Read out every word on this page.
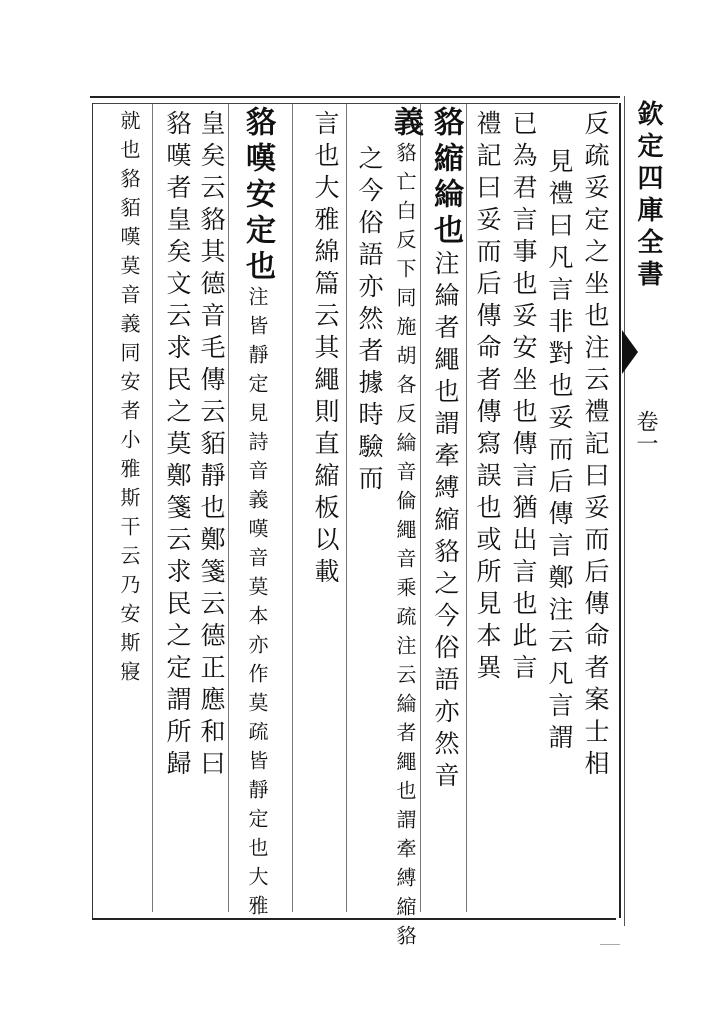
欽定四庫全書
卷一
反疏妥定之坐也注云禮記曰妥而后傳命者案士相
見禮曰凡言非對也妥而后傳言鄭注云凡言謂
已為君言事也妥安坐也傳言猶出言也此言
禮記曰妥而后傳命者傳寫誤也或所見本異
貉縮綸也注綸者繩也謂牽縛縮貉之今俗語亦然音
義貉亡白反下同施胡各反綸音倫繩音乘疏注云綸者繩也謂牽縛縮貉
之今俗語亦然者據時驗而
言也大雅綿篇云其繩則直縮板以載
貉嘆安定也注皆靜定見詩音義嘆音莫本亦作莫疏皆靜定也大雅
皇矣云貉其德音毛傳云貊靜也鄭箋云德正應和曰
貉嘆者皇矣文云求民之莫鄭箋云求民之定謂所歸
就也貉貊嘆莫音義同安者小雅斯干云乃安斯寢
